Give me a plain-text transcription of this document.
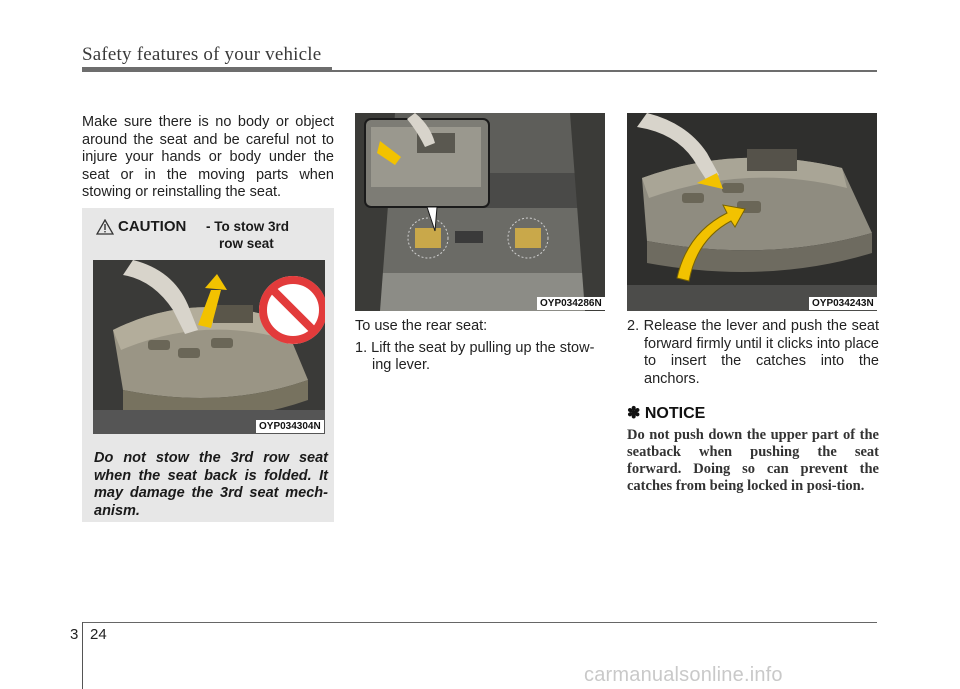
Safety features of your vehicle
Make sure there is no body or object around the seat and be careful not to injure your hands or body under the seat or in the moving parts when stowing or reinstalling the seat.
CAUTION - To stow 3rd
row seat
OYP034304N
Do not stow the 3rd row seat when the seat back is folded. It may damage the 3rd seat mech-anism.
OYP034286N
To use the rear seat:
1. Lift the seat by pulling up the stow-ing lever.
OYP034243N
2. Release the lever and push the seat forward firmly until it clicks into place to insert the catches into the anchors.
✽ NOTICE
Do not push down the upper part of the seatback when pushing the seat forward. Doing so can prevent the catches from being locked in posi-tion.
3 24
carmanualsonline.info
